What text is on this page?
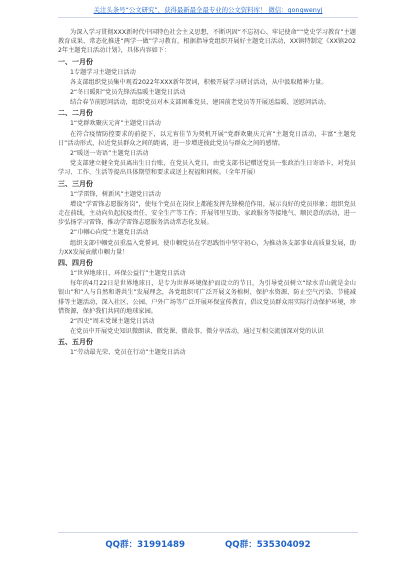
关注头条号“公文研究”，获得最新最全最专业的公文资料库！ 微信：gongwenyj

为深入学习贯彻XXX新时代中国特色社会主义思想，不断巩固“不忘初心、牢记使命”“党史学习教育”主题教育成果、常态化推进“两学一做”学习教育，根据指导党组织开展好主题党日活动，XX镇特制定《XX镇2022年主题党日活动计划》，具体内容如下：

一、一月份

1专题学习主题党日活动

各支部组织党员集中观看2022年XXX新年贺词，积极开展学习研讨活动，从中汲取精神力量。

2“冬日暖阳”党员先锋活温暖主题党日活动

结合春节前慰问活动，组织党员对本支部困难党员、建国前老党员等开展送温暖、送慰问活动。

二、二月份

1“党群欢聚庆元宵”主题党日活动

在符合疫情防控要求的前提下，以元宵佳节为契机开展“党群欢聚庆元宵”主题党日活动，丰富“主题党日”活动形式，拉近党员群众之间的距离，进一步增进彼此党员与群众之间的感情。

2“暖送一寄语”主题党日活动

党支部建立健全党员离出生日台账，在党员入党日，由党支部书记赠送党员一张政治生日寄语卡，对党员学习、工作、生活等提出具体期望和要求或送上祝福和问候。（全年开展）

三、三月份

1“学雷锋，树新风”主题党日活动

增设“学雷锋志愿服务岗”，使每个党员在岗位上都能发挥先锋模范作用，展示良好的党员形象；组织党员走在前线，主动向负起抗疫责任、安全生产等工作；开展邻里互助、家政服务等接地气、顺民意的活动，进一步弘扬学习雷锋，推动学雷锋志愿服务活动常态化发展。

2“巾帼心向党”主题党日活动

组织支部中帼党员重温入党誓词，使巾帼党员在学思践悟中坚守初心，为推动各支部事业高质量发展，助力XX发展贡献巾帼力量！

四、四月份

1“世界地球日、环保公益行”主题党日活动

每年的4月22日是世界地球日，是专为世界环境保护而设立的节日，为引导党员树立“绿水青山就是金山银山”和“人与自然和谐共生”发展理念，各党组织可广泛开展义务植树、保护水资源、防止空气污染、节能减排等主题活动，深入社区、公园、户外广场等广泛开展环保宣传教育，倡议党员群众用实际行动保护环境，珍惜资源，保护我们共同的地球家园。

2“四史”周末党课主题党日活动

在党员中开展党史知识微朗读、微党课、微故事、微分享活动，通过互相交流加深对党的认识

五、五月份

1“劳动最光荣、党员在行动”主题党日活动

QQ群：31991489	QQ群：535304092
